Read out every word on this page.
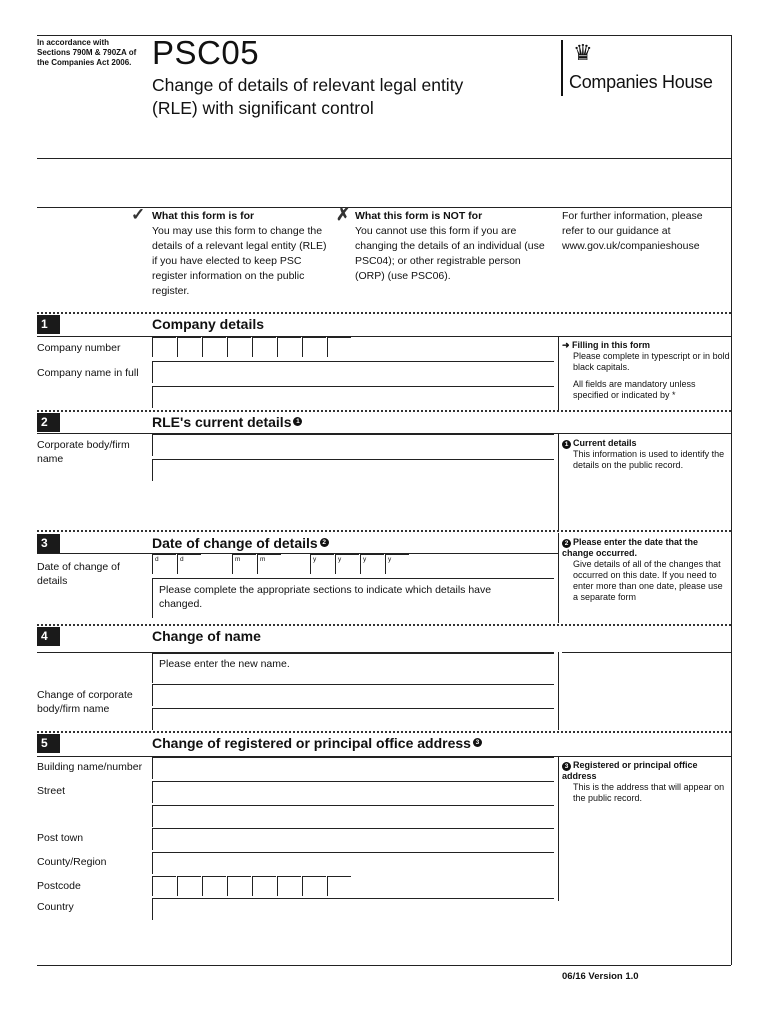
In accordance with Sections 790M & 790ZA of the Companies Act 2006. PSC05
Change of details of relevant legal entity
(RLE) with significant control
♛
Companies House
✓ What this form is for
You may use this form to change the details of a relevant legal entity (RLE) if you have elected to keep PSC register information on the public register.
✗ What this form is NOT for
You cannot use this form if you are changing the details of an individual (use PSC04); or other registrable person (ORP) (use PSC06).
For further information, please refer to our guidance at www.gov.uk/companieshouse
1	Company details
Company number
Company name in full
➜ Filling in this form
Please complete in typescript or in bold black capitals.
All fields are mandatory unless specified or indicated by *
2	RLE's current details 1
Corporate body/firm name
1 Current details
This information is used to identify the details on the public record.
3	Date of change of details 2
Date of change of details
d	d	m	m	y	y	y	y
Please complete the appropriate sections to indicate which details have changed.
2 Please enter the date that the change occurred.
Give details of all of the changes that occurred on this date. If you need to enter more than one date, please use a separate form
4	Change of name
Please enter the new name.
Change of corporate body/firm name
5	Change of registered or principal office address 3
Building name/number
Street
Post town
County/Region
Postcode
Country
3 Registered or principal office address
This is the address that will appear on the public record.
06/16 Version 1.0
